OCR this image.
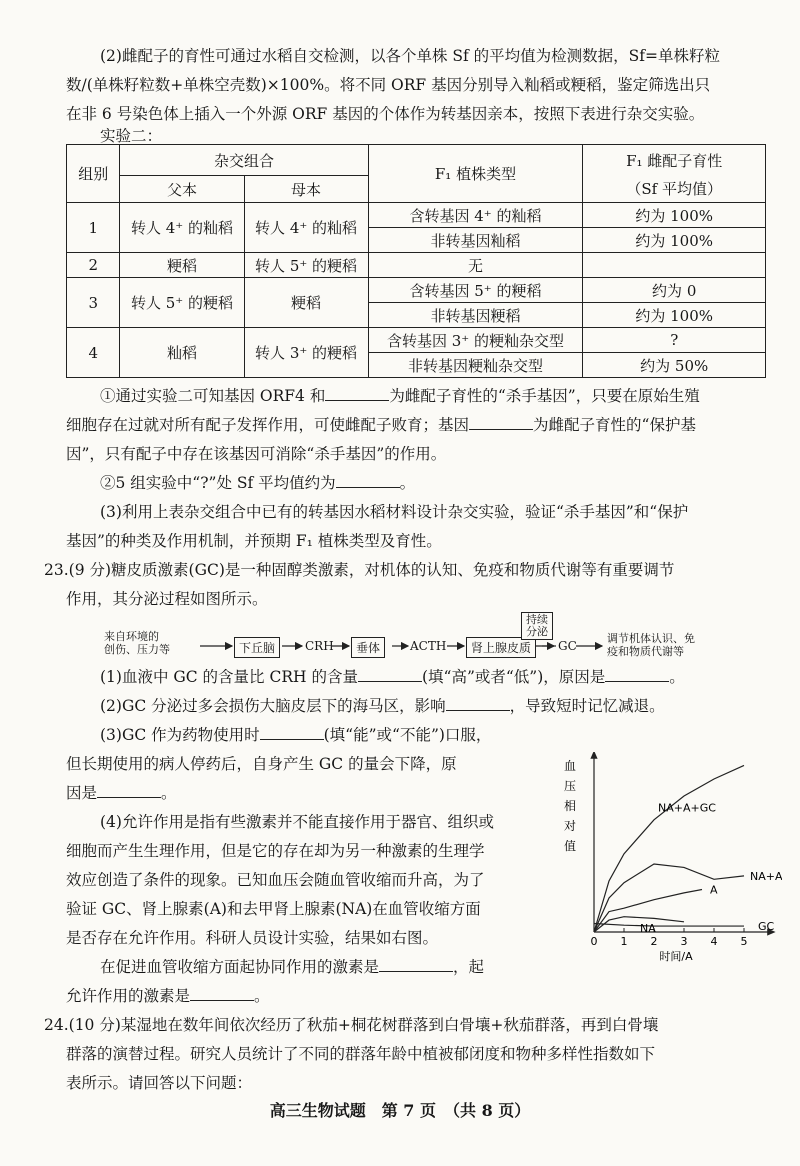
(2)雌配子的育性可通过水稻自交检测，以各个单株 Sf 的平均值为检测数据，Sf=单株籽粒

数/(单株籽粒数+单株空壳数)×100%。将不同 ORF 基因分别导入籼稻或粳稻，鉴定筛选出只

在非 6 号染色体上插入一个外源 ORF 基因的个体作为转基因亲本，按照下表进行杂交实验。

实验二：

组别	杂交组合		F₁ 植株类型	F₁ 雌配子育性
	父本	母本		（Sf 平均值）
1	转人 4⁺ 的籼稻	转人 4⁺ 的籼稻	含转基因 4⁺ 的籼稻	约为 100%
			非转基因籼稻	约为 100%
2	粳稻	转人 5⁺ 的粳稻	无	
3	转人 5⁺ 的粳稻	粳稻	含转基因 5⁺ 的粳稻	约为 0
			非转基因粳稻	约为 100%
4	籼稻	转人 3⁺ 的粳稻	含转基因 3⁺ 的粳籼杂交型	?
			非转基因粳籼杂交型	约为 50%

①通过实验二可知基因 ORF4 和	为雌配子育性的“杀手基因”，只要在原始生殖

细胞存在过就对所有配子发挥作用，可使雌配子败育；基因	为雌配子育性的“保护基

因”，只有配子中存在该基因可消除“杀手基因”的作用。

②5 组实验中“?”处 Sf 平均值约为	。

(3)利用上表杂交组合中已有的转基因水稻材料设计杂交实验，验证“杀手基因”和“保护

基因”的种类及作用机制，并预期 F₁ 植株类型及育性。

23.(9 分)糖皮质激素(GC)是一种固醇类激素，对机体的认知、免疫和物质代谢等有重要调节
作用，其分泌过程如图所示。

来自环境的
创伤、压力等	下丘脑	CRH	垂体	ACTH	肾上腺皮质
持续
分泌
GC
调节机体认识、免
疫和物质代谢等

(1)血液中 GC 的含量比 CRH 的含量	(填“高”或者“低”)，原因是	。

(2)GC 分泌过多会损伤大脑皮层下的海马区，影响	，导致短时记忆减退。

(3)GC 作为药物使用时	(填“能”或“不能”)口服，

但长期使用的病人停药后，自身产生 GC 的量会下降，原

因是	。

(4)允许作用是指有些激素并不能直接作用于器官、组织或

细胞而产生生理作用，但是它的存在却为另一种激素的生理学

效应创造了条件的现象。已知血压会随血管收缩而升高，为了

验证 GC、肾上腺素(A)和去甲肾上腺素(NA)在血管收缩方面

是否存在允许作用。科研人员设计实验，结果如右图。

在促进血管收缩方面起协同作用的激素是	，起

允许作用的激素是	。

0 1 2 3 4 5
血
压
相
对
值
时间/A
NA+A+GC
NA+A
A
NA	GC

24.(10 分)某湿地在数年间依次经历了秋茄+桐花树群落到白骨壤+秋茄群落，再到白骨壤
群落的演替过程。研究人员统计了不同的群落年龄中植被郁闭度和物种多样性指数如下
表所示。请回答以下问题：

高三生物试题　第 7 页　（共 8 页）
